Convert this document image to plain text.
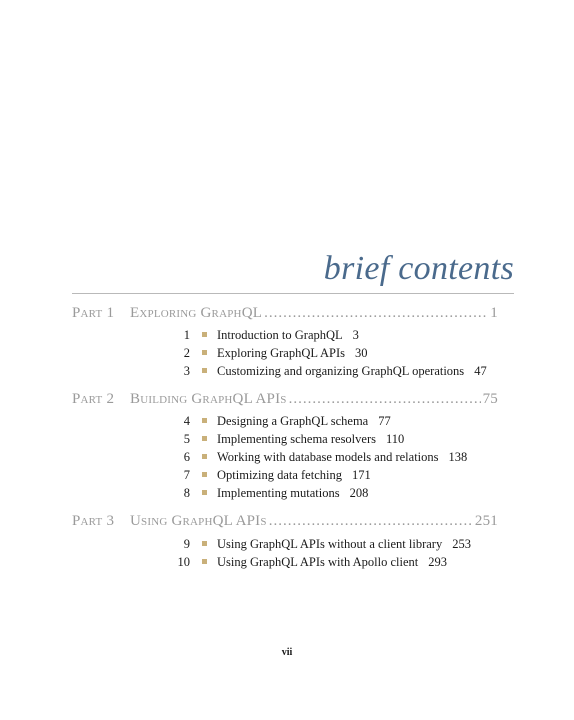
brief contents
Part 1	Exploring GraphQL .....	1
1 Introduction to GraphQL 3
2 Exploring GraphQL APIs 30
3 Customizing and organizing GraphQL operations 47
Part 2	Building GraphQL APIs .....	75
4 Designing a GraphQL schema 77
5 Implementing schema resolvers 110
6 Working with database models and relations 138
7 Optimizing data fetching 171
8 Implementing mutations 208
Part 3	Using GraphQL APIs .....	251
9 Using GraphQL APIs without a client library 253
10 Using GraphQL APIs with Apollo client 293
vii
